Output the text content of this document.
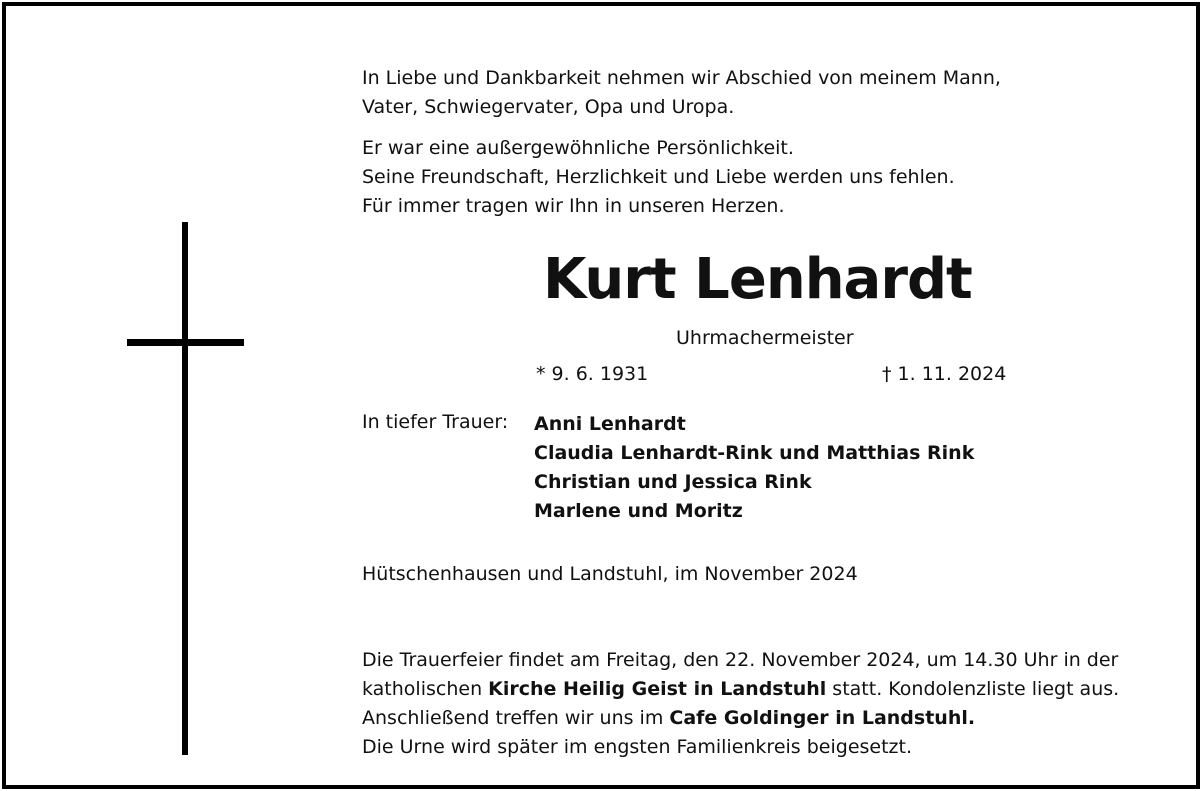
In Liebe und Dankbarkeit nehmen wir Abschied von meinem Mann,
Vater, Schwiegervater, Opa und Uropa.
Er war eine außergewöhnliche Persönlichkeit.
Seine Freundschaft, Herzlichkeit und Liebe werden uns fehlen.
Für immer tragen wir Ihn in unseren Herzen.
Kurt Lenhardt
Uhrmachermeister
* 9. 6. 1931	† 1. 11. 2024
In tiefer Trauer: Anni Lenhardt
Claudia Lenhardt-Rink und Matthias Rink
Christian und Jessica Rink
Marlene und Moritz
Hütschenhausen und Landstuhl, im November 2024
Die Trauerfeier findet am Freitag, den 22. November 2024, um 14.30 Uhr in der
katholischen Kirche Heilig Geist in Landstuhl statt. Kondolenzliste liegt aus.
Anschließend treffen wir uns im Cafe Goldinger in Landstuhl.
Die Urne wird später im engsten Familienkreis beigesetzt.
